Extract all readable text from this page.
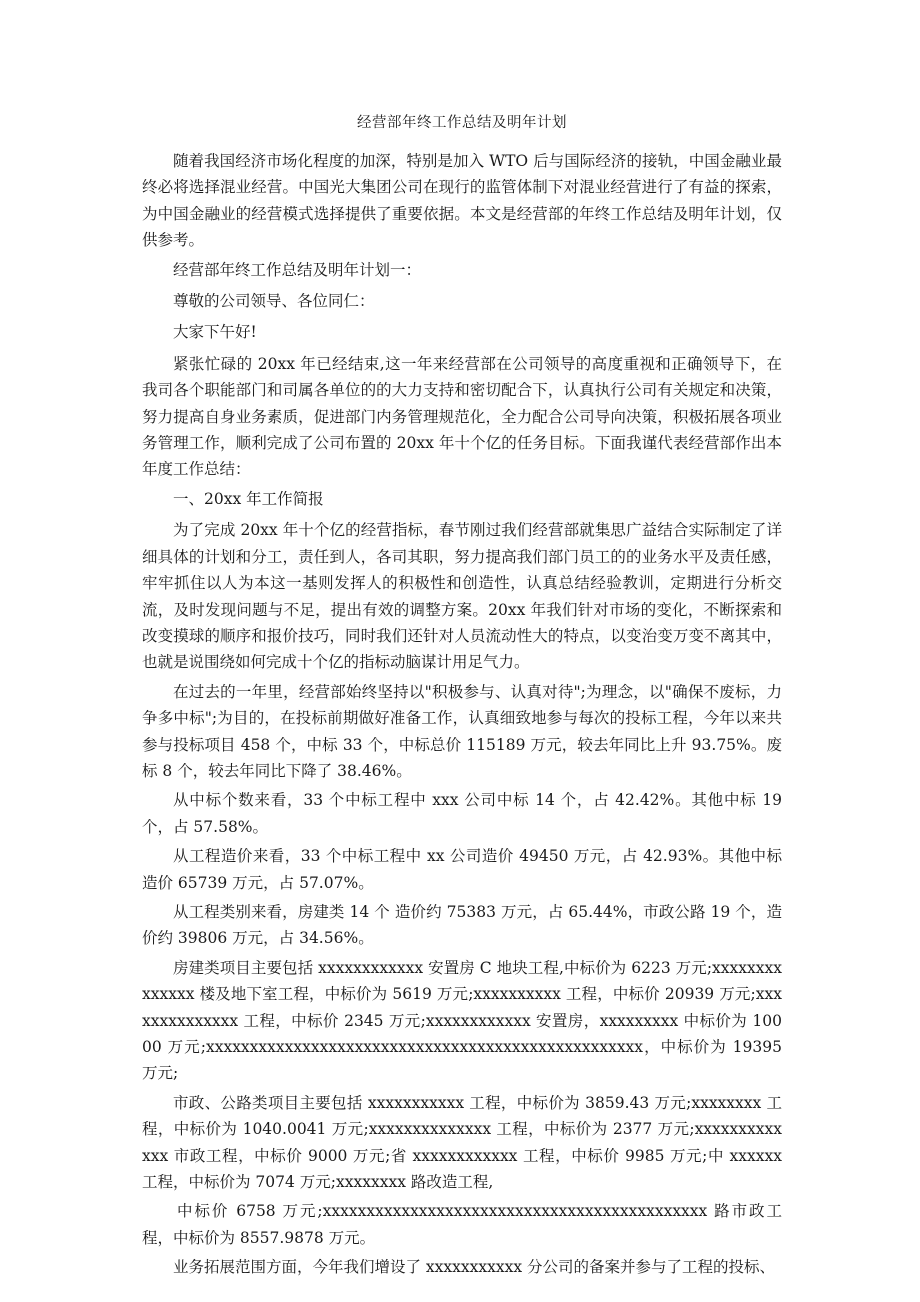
经营部年终工作总结及明年计划

随着我国经济市场化程度的加深，特别是加入 WTO 后与国际经济的接轨，中国金融业最终必将选择混业经营。中国光大集团公司在现行的监管体制下对混业经营进行了有益的探索，为中国金融业的经营模式选择提供了重要依据。本文是经营部的年终工作总结及明年计划，仅供参考。

经营部年终工作总结及明年计划一：

尊敬的公司领导、各位同仁：

大家下午好!

紧张忙碌的 20xx 年已经结束,这一年来经营部在公司领导的高度重视和正确领导下，在我司各个职能部门和司属各单位的的大力支持和密切配合下，认真执行公司有关规定和决策，努力提高自身业务素质，促进部门内务管理规范化，全力配合公司导向决策，积极拓展各项业务管理工作，顺利完成了公司布置的 20xx 年十个亿的任务目标。下面我谨代表经营部作出本年度工作总结：

一、20xx 年工作简报

为了完成 20xx 年十个亿的经营指标，春节刚过我们经营部就集思广益结合实际制定了详细具体的计划和分工，责任到人，各司其职，努力提高我们部门员工的的业务水平及责任感，牢牢抓住以人为本这一基则发挥人的积极性和创造性，认真总结经验教训，定期进行分析交流，及时发现问题与不足，提出有效的调整方案。20xx 年我们针对市场的变化，不断探索和改变摸球的顺序和报价技巧，同时我们还针对人员流动性大的特点，以变治变万变不离其中，也就是说围绕如何完成十个亿的指标动脑谋计用足气力。

在过去的一年里，经营部始终坚持以"积极参与、认真对待";为理念，以"确保不废标，力争多中标";为目的，在投标前期做好准备工作，认真细致地参与每次的投标工程，今年以来共参与投标项目 458 个，中标 33 个，中标总价 115189 万元，较去年同比上升 93.75%。废标 8 个，较去年同比下降了 38.46%。

从中标个数来看，33 个中标工程中 xxx 公司中标 14 个，占 42.42%。其他中标 19 个，占 57.58%。

从工程造价来看，33 个中标工程中 xx 公司造价 49450 万元，占 42.93%。其他中标造价 65739 万元，占 57.07%。

从工程类别来看，房建类 14 个 造价约 75383 万元，占 65.44%，市政公路 19 个，造价约 39806 万元，占 34.56%。

房建类项目主要包括 xxxxxxxxxxxx 安置房 C 地块工程,中标价为 6223 万元;xxxxxxxxxxxxxx 楼及地下室工程，中标价为 5619 万元;xxxxxxxxxx 工程，中标价 20939 万元;xxxxxxxxxxxxxx 工程，中标价 2345 万元;xxxxxxxxxxxx 安置房，xxxxxxxxx 中标价为 10000 万元;xxxxxxxxxxxxxxxxxxxxxxxxxxxxxxxxxxxxxxxxxxxxxxxxxx，中标价为 19395 万元;

市政、公路类项目主要包括 xxxxxxxxxxx 工程，中标价为 3859.43 万元;xxxxxxxx 工程，中标价为 1040.0041 万元;xxxxxxxxxxxxxx 工程，中标价为 2377 万元;xxxxxxxxxxxxx 市政工程，中标价 9000 万元;省 xxxxxxxxxxxx 工程，中标价 9985 万元;中 xxxxxx 工程，中标价为 7074 万元;xxxxxxxx 路改造工程,

中标价 6758 万元;xxxxxxxxxxxxxxxxxxxxxxxxxxxxxxxxxxxxxxxxxxxx 路市政工程，中标价为 8557.9878 万元。

业务拓展范围方面，今年我们增设了 xxxxxxxxxxx 分公司的备案并参与了工程的投标、
